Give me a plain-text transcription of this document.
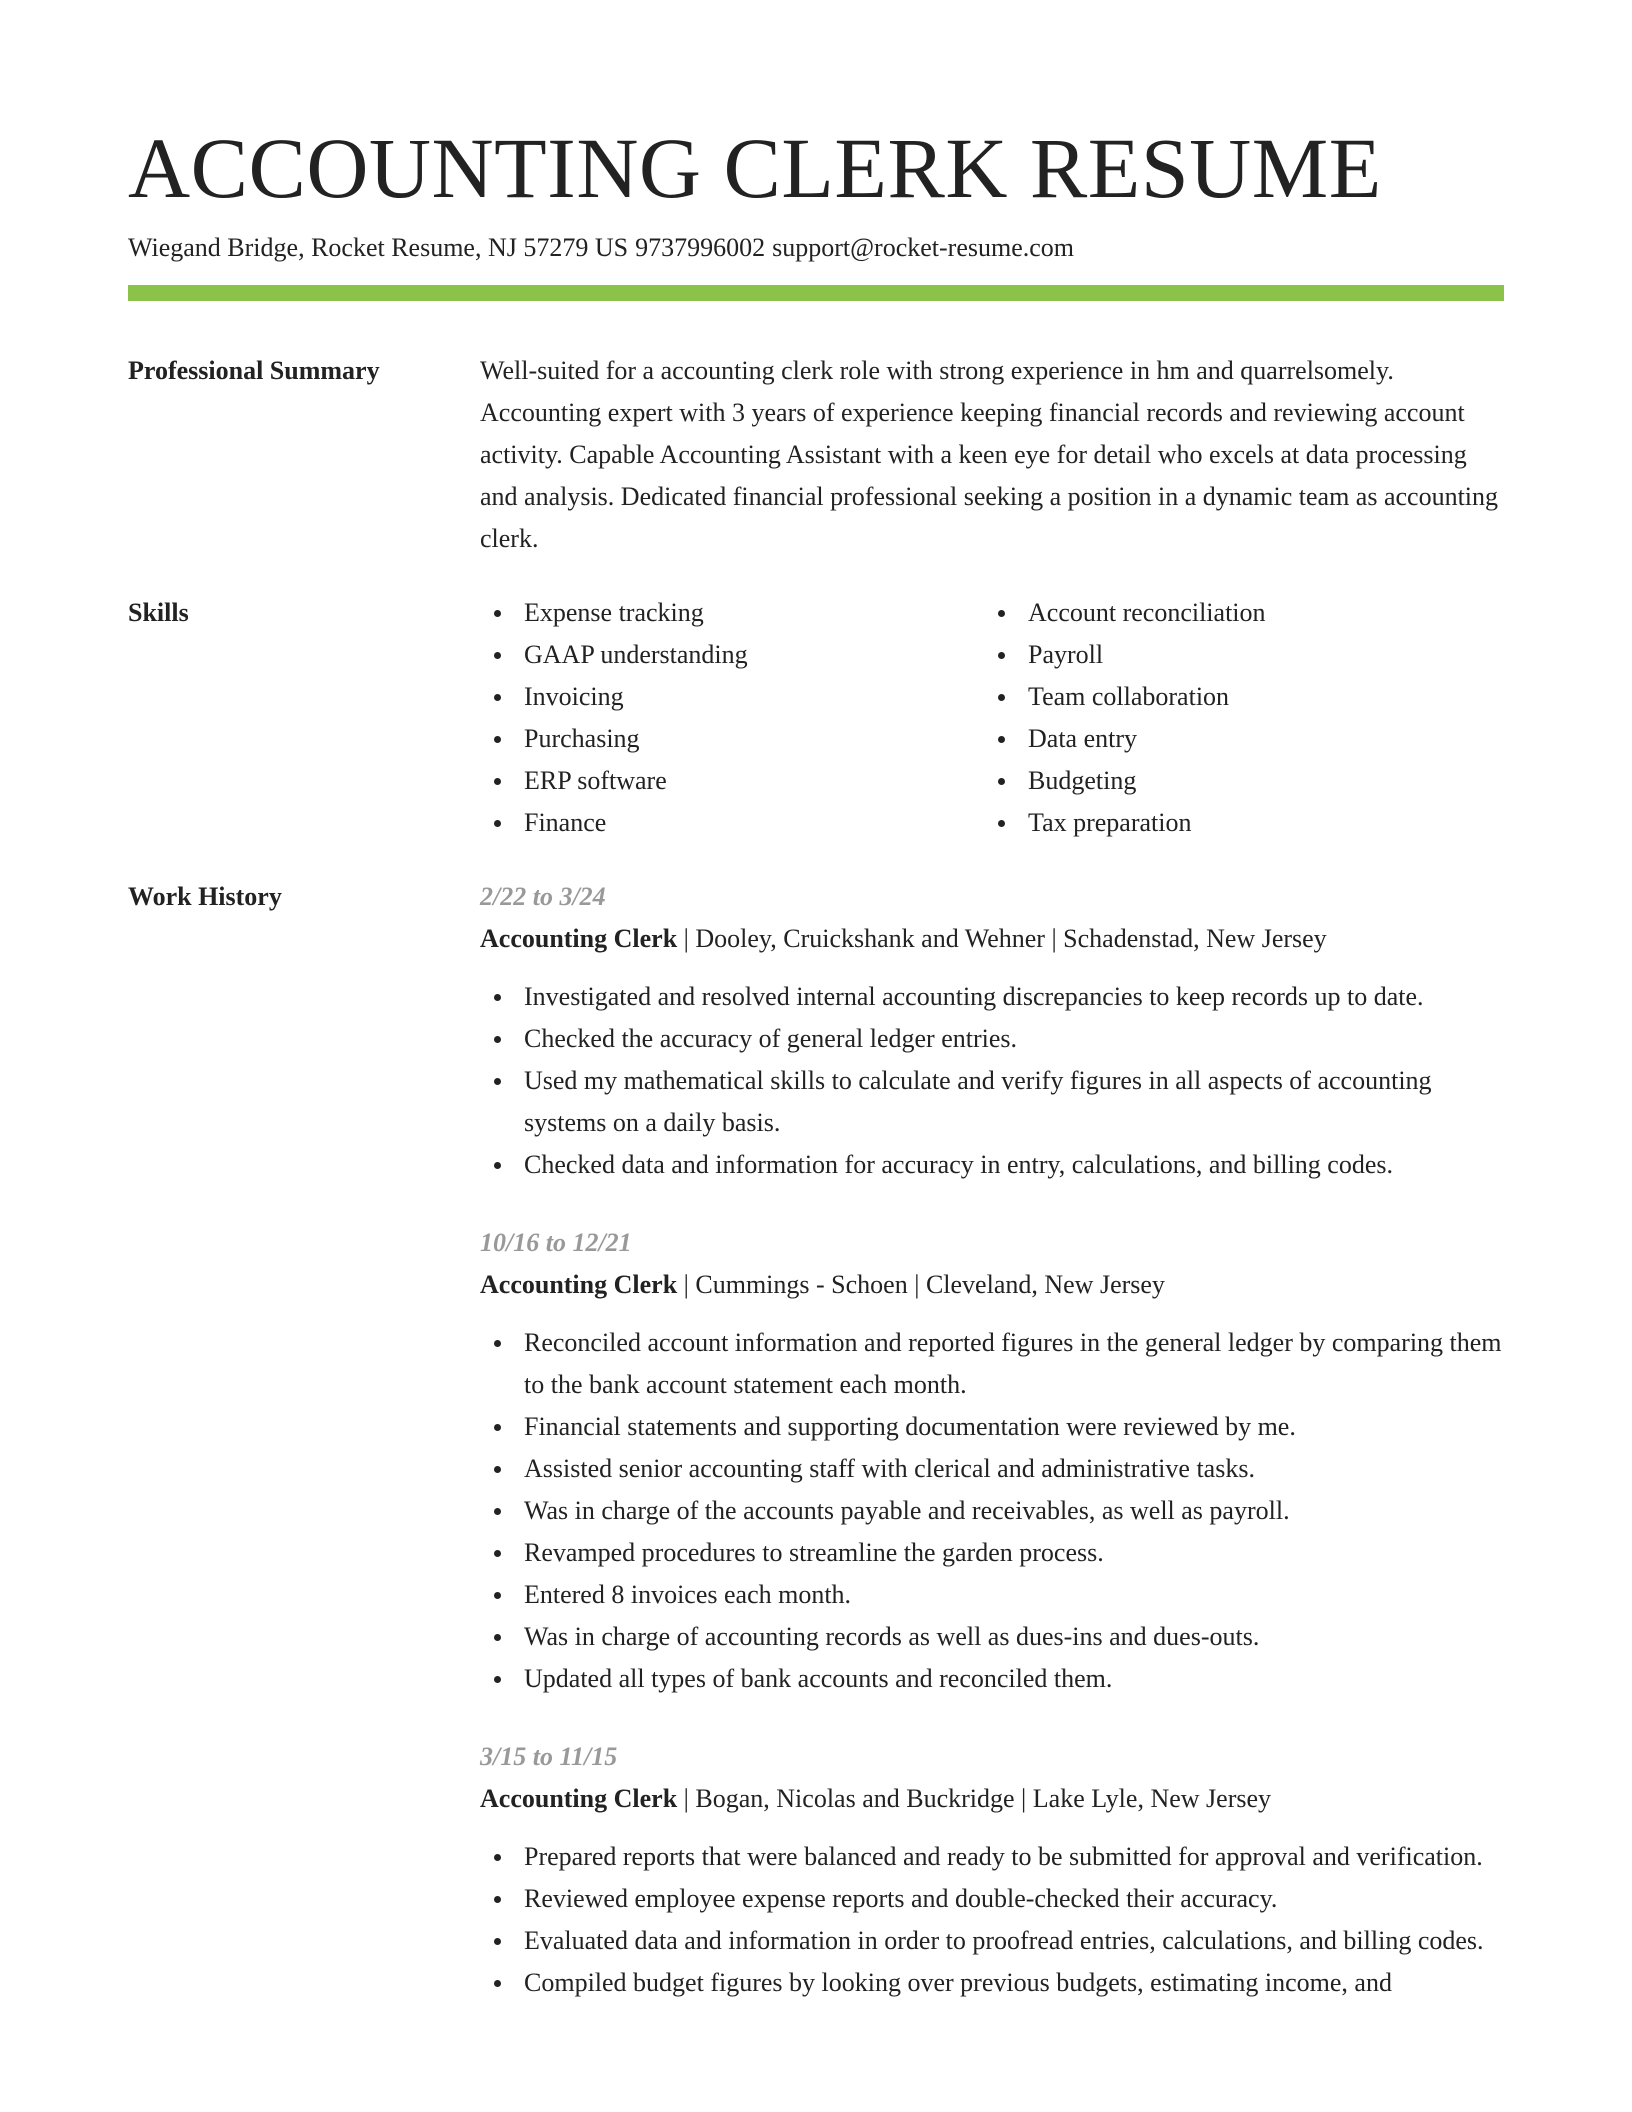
ACCOUNTING CLERK RESUME
Wiegand Bridge, Rocket Resume, NJ 57279 US 9737996002 support@rocket-resume.com
Professional Summary	Well-suited for a accounting clerk role with strong experience in hm and quarrelsomely. Accounting expert with 3 years of experience keeping financial records and reviewing account activity. Capable Accounting Assistant with a keen eye for detail who excels at data processing and analysis. Dedicated financial professional seeking a position in a dynamic team as accounting clerk.

Skills	Expense tracking
GAAP understanding
Invoicing
Purchasing
ERP software
Finance
Account reconciliation
Payroll
Team collaboration
Data entry
Budgeting
Tax preparation
Work History	2/22 to 3/24
Accounting Clerk | Dooley, Cruickshank and Wehner | Schadenstad, New Jersey
Investigated and resolved internal accounting discrepancies to keep records up to date.
Checked the accuracy of general ledger entries.
Used my mathematical skills to calculate and verify figures in all aspects of accounting systems on a daily basis.
Checked data and information for accuracy in entry, calculations, and billing codes.
10/16 to 12/21
Accounting Clerk | Cummings - Schoen | Cleveland, New Jersey
Reconciled account information and reported figures in the general ledger by comparing them to the bank account statement each month.
Financial statements and supporting documentation were reviewed by me.
Assisted senior accounting staff with clerical and administrative tasks.
Was in charge of the accounts payable and receivables, as well as payroll.
Revamped procedures to streamline the garden process.
Entered 8 invoices each month.
Was in charge of accounting records as well as dues-ins and dues-outs.
Updated all types of bank accounts and reconciled them.
3/15 to 11/15
Accounting Clerk | Bogan, Nicolas and Buckridge | Lake Lyle, New Jersey
Prepared reports that were balanced and ready to be submitted for approval and verification.
Reviewed employee expense reports and double-checked their accuracy.
Evaluated data and information in order to proofread entries, calculations, and billing codes.
Compiled budget figures by looking over previous budgets, estimating income, and
